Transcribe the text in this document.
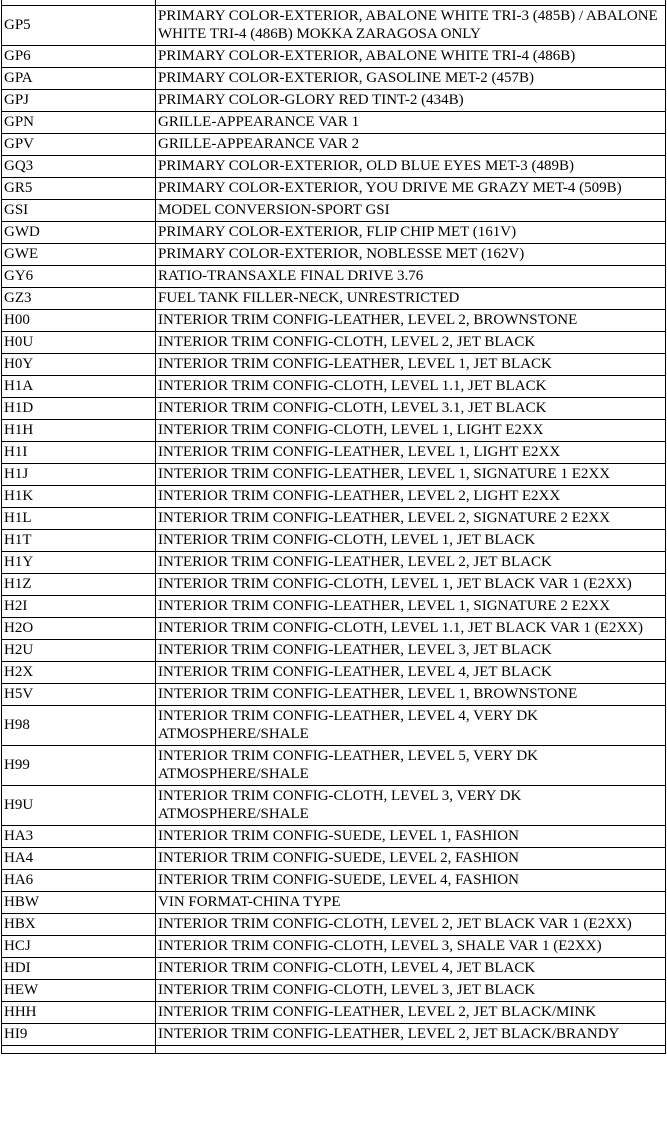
GP5	PRIMARY COLOR-EXTERIOR, ABALONE WHITE TRI-3 (485B) / ABALONE WHITE TRI-4 (486B) MOKKA ZARAGOSA ONLY
GP6	PRIMARY COLOR-EXTERIOR, ABALONE WHITE TRI-4 (486B)
GPA	PRIMARY COLOR-EXTERIOR, GASOLINE MET-2 (457B)
GPJ	PRIMARY COLOR-GLORY RED TINT-2 (434B)
GPN	GRILLE-APPEARANCE VAR 1
GPV	GRILLE-APPEARANCE VAR 2
GQ3	PRIMARY COLOR-EXTERIOR, OLD BLUE EYES MET-3 (489B)
GR5	PRIMARY COLOR-EXTERIOR, YOU DRIVE ME GRAZY MET-4 (509B)
GSI	MODEL CONVERSION-SPORT GSI
GWD	PRIMARY COLOR-EXTERIOR, FLIP CHIP MET (161V)
GWE	PRIMARY COLOR-EXTERIOR, NOBLESSE MET (162V)
GY6	RATIO-TRANSAXLE FINAL DRIVE 3.76
GZ3	FUEL TANK FILLER-NECK, UNRESTRICTED
H00	INTERIOR TRIM CONFIG-LEATHER, LEVEL 2, BROWNSTONE
H0U	INTERIOR TRIM CONFIG-CLOTH, LEVEL 2, JET BLACK
H0Y	INTERIOR TRIM CONFIG-LEATHER, LEVEL 1, JET BLACK
H1A	INTERIOR TRIM CONFIG-CLOTH, LEVEL 1.1, JET BLACK
H1D	INTERIOR TRIM CONFIG-CLOTH, LEVEL 3.1, JET BLACK
H1H	INTERIOR TRIM CONFIG-CLOTH, LEVEL 1, LIGHT E2XX
H1I	INTERIOR TRIM CONFIG-LEATHER, LEVEL 1, LIGHT E2XX
H1J	INTERIOR TRIM CONFIG-LEATHER, LEVEL 1, SIGNATURE 1 E2XX
H1K	INTERIOR TRIM CONFIG-LEATHER, LEVEL 2, LIGHT E2XX
H1L	INTERIOR TRIM CONFIG-LEATHER, LEVEL 2, SIGNATURE 2 E2XX
H1T	INTERIOR TRIM CONFIG-CLOTH, LEVEL 1, JET BLACK
H1Y	INTERIOR TRIM CONFIG-LEATHER, LEVEL 2, JET BLACK
H1Z	INTERIOR TRIM CONFIG-CLOTH, LEVEL 1, JET BLACK VAR 1 (E2XX)
H2I	INTERIOR TRIM CONFIG-LEATHER, LEVEL 1, SIGNATURE 2 E2XX
H2O	INTERIOR TRIM CONFIG-CLOTH, LEVEL 1.1, JET BLACK VAR 1 (E2XX)
H2U	INTERIOR TRIM CONFIG-LEATHER, LEVEL 3, JET BLACK
H2X	INTERIOR TRIM CONFIG-LEATHER, LEVEL 4, JET BLACK
H5V	INTERIOR TRIM CONFIG-LEATHER, LEVEL 1, BROWNSTONE
H98	INTERIOR TRIM CONFIG-LEATHER, LEVEL 4, VERY DK ATMOSPHERE/SHALE
H99	INTERIOR TRIM CONFIG-LEATHER, LEVEL 5, VERY DK ATMOSPHERE/SHALE
H9U	INTERIOR TRIM CONFIG-CLOTH, LEVEL 3, VERY DK ATMOSPHERE/SHALE
HA3	INTERIOR TRIM CONFIG-SUEDE, LEVEL 1, FASHION
HA4	INTERIOR TRIM CONFIG-SUEDE, LEVEL 2, FASHION
HA6	INTERIOR TRIM CONFIG-SUEDE, LEVEL 4, FASHION
HBW	VIN FORMAT-CHINA TYPE
HBX	INTERIOR TRIM CONFIG-CLOTH, LEVEL 2, JET BLACK VAR 1 (E2XX)
HCJ	INTERIOR TRIM CONFIG-CLOTH, LEVEL 3, SHALE VAR 1 (E2XX)
HDI	INTERIOR TRIM CONFIG-CLOTH, LEVEL 4, JET BLACK
HEW	INTERIOR TRIM CONFIG-CLOTH, LEVEL 3, JET BLACK
HHH	INTERIOR TRIM CONFIG-LEATHER, LEVEL 2, JET BLACK/MINK
HI9	INTERIOR TRIM CONFIG-LEATHER, LEVEL 2, JET BLACK/BRANDY
